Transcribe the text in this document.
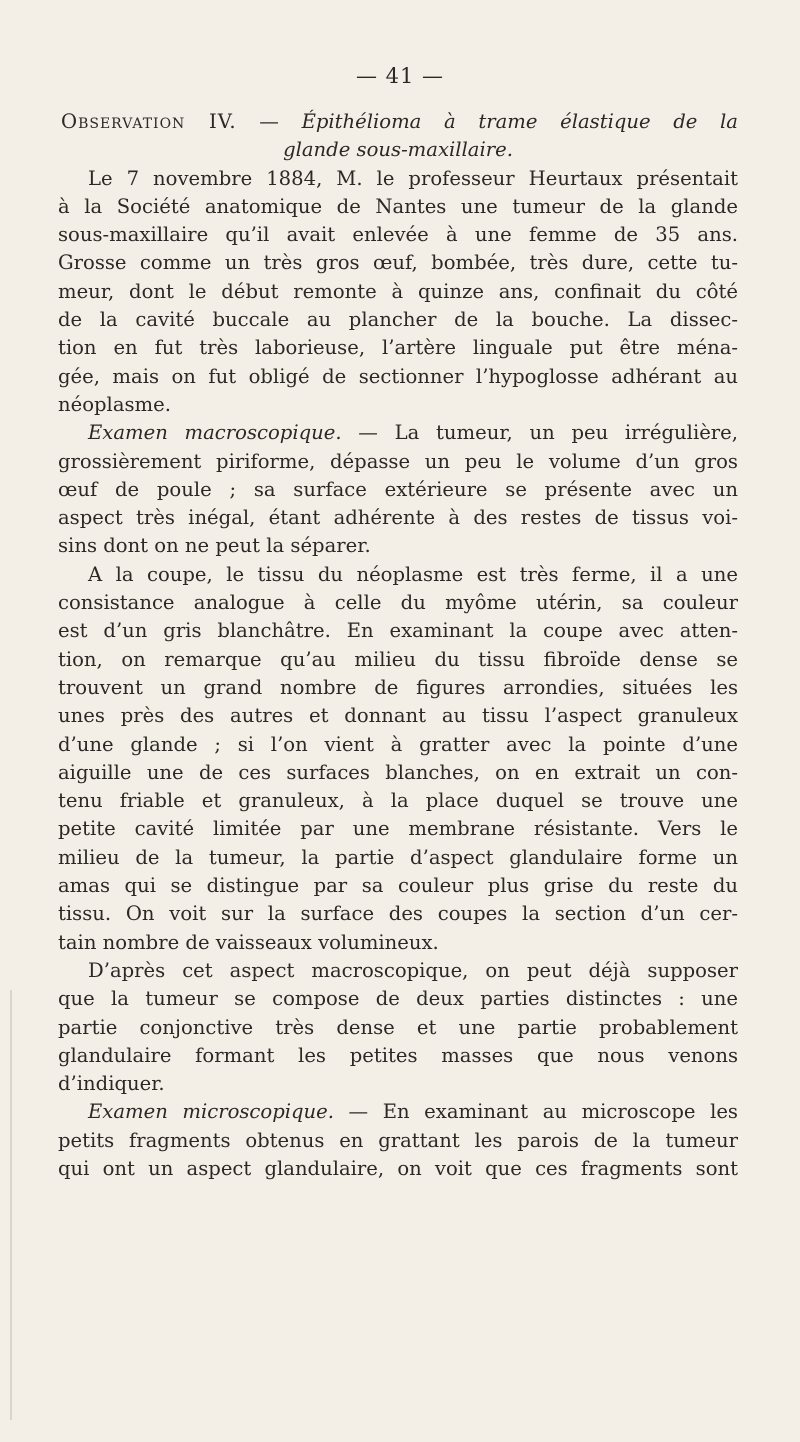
— 41 —
Observation IV. — Épithélioma à trame élastique de la
glande sous-maxillaire.
Le 7 novembre 1884, M. le professeur Heurtaux présentait
à la Société anatomique de Nantes une tumeur de la glande
sous-maxillaire qu’il avait enlevée à une femme de 35 ans.
Grosse comme un très gros œuf, bombée, très dure, cette tu-
meur, dont le début remonte à quinze ans, confinait du côté
de la cavité buccale au plancher de la bouche. La dissec-
tion en fut très laborieuse, l’artère linguale put être ména-
gée, mais on fut obligé de sectionner l’hypoglosse adhérant au
néoplasme.
Examen macroscopique. — La tumeur, un peu irrégulière,
grossièrement piriforme, dépasse un peu le volume d’un gros
œuf de poule ; sa surface extérieure se présente avec un
aspect très inégal, étant adhérente à des restes de tissus voi-
sins dont on ne peut la séparer.
A la coupe, le tissu du néoplasme est très ferme, il a une
consistance analogue à celle du myôme utérin, sa couleur
est d’un gris blanchâtre. En examinant la coupe avec atten-
tion, on remarque qu’au milieu du tissu fibroïde dense se
trouvent un grand nombre de figures arrondies, situées les
unes près des autres et donnant au tissu l’aspect granuleux
d’une glande ; si l’on vient à gratter avec la pointe d’une
aiguille une de ces surfaces blanches, on en extrait un con-
tenu friable et granuleux, à la place duquel se trouve une
petite cavité limitée par une membrane résistante. Vers le
milieu de la tumeur, la partie d’aspect glandulaire forme un
amas qui se distingue par sa couleur plus grise du reste du
tissu. On voit sur la surface des coupes la section d’un cer-
tain nombre de vaisseaux volumineux.
D’après cet aspect macroscopique, on peut déjà supposer
que la tumeur se compose de deux parties distinctes : une
partie conjonctive très dense et une partie probablement
glandulaire formant les petites masses que nous venons
d’indiquer.
Examen microscopique. — En examinant au microscope les
petits fragments obtenus en grattant les parois de la tumeur
qui ont un aspect glandulaire, on voit que ces fragments sont
